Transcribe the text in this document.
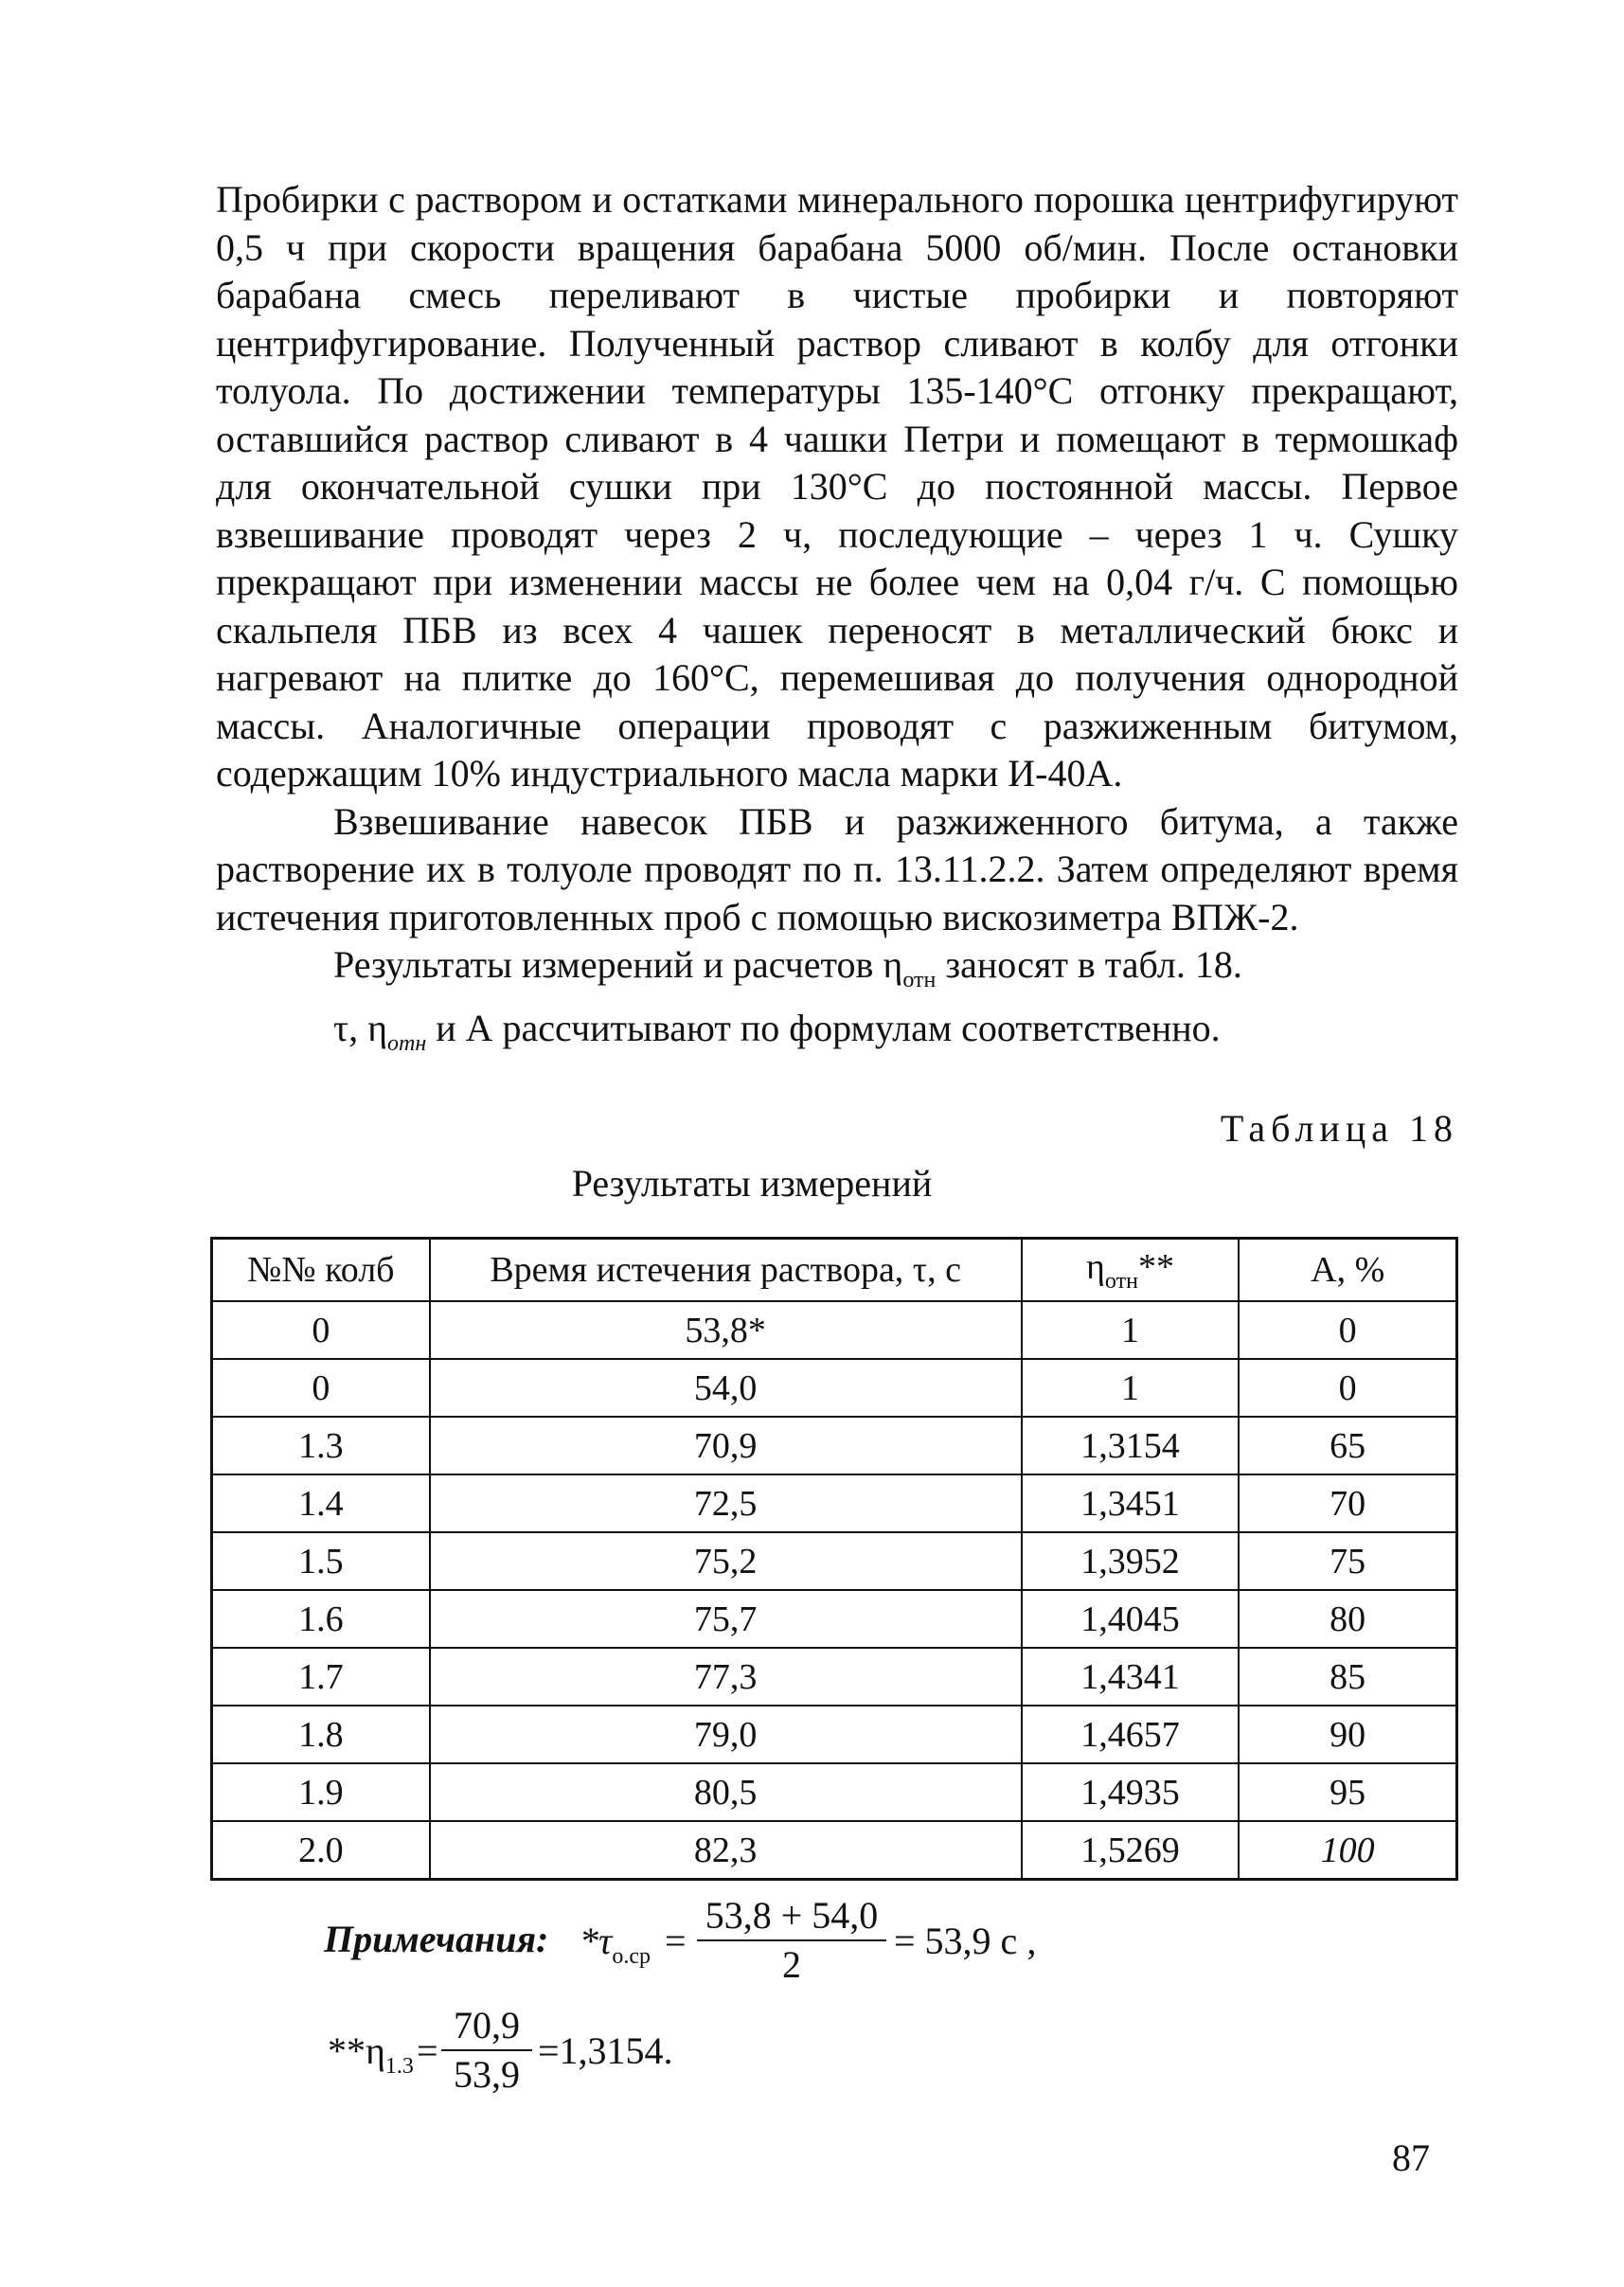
Пробирки с раствором и остатками минерального порошка центрифугируют 0,5 ч при скорости вращения барабана 5000 об/мин. После остановки барабана смесь переливают в чистые пробирки и повторяют центрифугирование. Полученный раствор сливают в колбу для отгонки толуола. По достижении температуры 135-140°С отгонку прекращают, оставшийся раствор сливают в 4 чашки Петри и помещают в термошкаф для окончательной сушки при 130°С до постоянной массы. Первое взвешивание проводят через 2 ч, последующие – через 1 ч. Сушку прекращают при изменении массы не более чем на 0,04 г/ч. С помощью скальпеля ПБВ из всех 4 чашек переносят в металлический бюкс и нагревают на плитке до 160°С, перемешивая до получения однородной массы. Аналогичные операции проводят с разжиженным битумом, содержащим 10% индустриального масла марки И-40А.

Взвешивание навесок ПБВ и разжиженного битума, а также растворение их в толуоле проводят по п. 13.11.2.2. Затем определяют время истечения приготовленных проб с помощью вискозиметра ВПЖ-2.

Результаты измерений и расчетов $\eta_{отн}$ заносят в табл. 18.

τ, $\eta_{отн}$ и А рассчитывают по формулам соответственно.

Таблица 18
Результаты измерений
№№ колб	Время истечения раствора, τ, с	$\eta_{отн}**$	А, %
0	53,8*	1	0
0	54,0	1	0
1.3	70,9	1,3154	65
1.4	72,5	1,3451	70
1.5	75,2	1,3952	75
1.6	75,7	1,4045	80
1.7	77,3	1,4341	85
1.8	79,0	1,4657	90
1.9	80,5	1,4935	95
2.0	82,3	1,5269	100
Примечания: $*\tau_{о.ср} = \frac{53,8 + 54,0}{2} = 53,9$ с ,
$**\eta_{1.3} = \frac{70,9}{53,9} =1,3154$.
87
